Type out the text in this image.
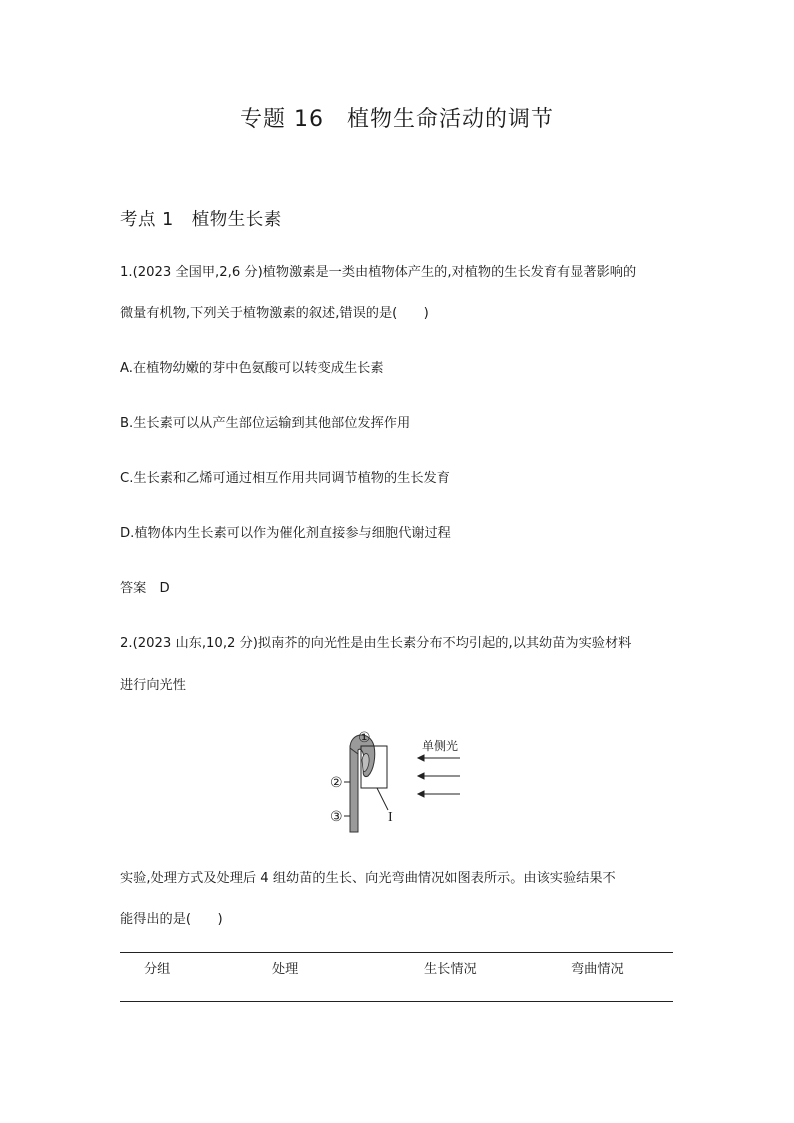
专题 16　植物生命活动的调节
考点 1　植物生长素
1.(2023 全国甲,2,6 分)植物激素是一类由植物体产生的,对植物的生长发育有显著影响的
微量有机物,下列关于植物激素的叙述,错误的是(　　)
A.在植物幼嫩的芽中色氨酸可以转变成生长素
B.生长素可以从产生部位运输到其他部位发挥作用
C.生长素和乙烯可通过相互作用共同调节植物的生长发育
D.植物体内生长素可以作为催化剂直接参与细胞代谢过程
答案　D
2.(2023 山东,10,2 分)拟南芥的向光性是由生长素分布不均引起的,以其幼苗为实验材料
进行向光性
I
①
②
③
单侧光
实验,处理方式及处理后 4 组幼苗的生长、向光弯曲情况如图表所示。由该实验结果不
能得出的是(　　)
分组	处理	生长情况	弯曲情况
